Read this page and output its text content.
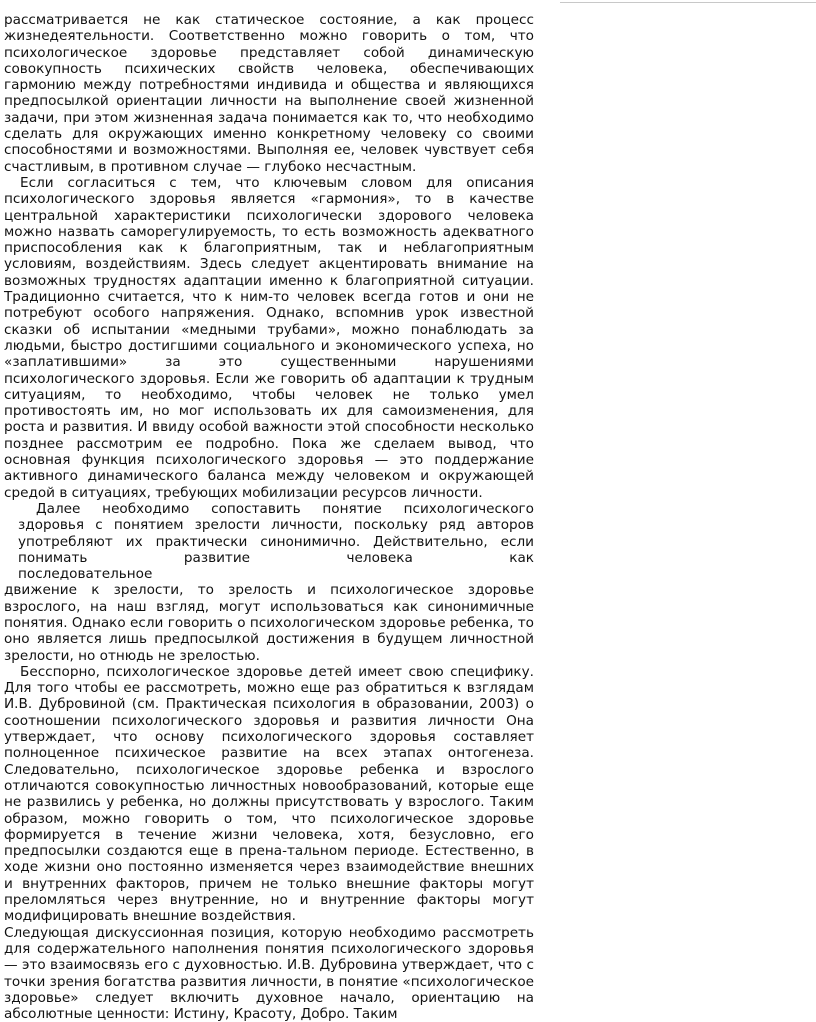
рассматривается не как статическое состояние, а как процесс жизнедеятельности. Соответственно можно говорить о том, что психологическое здоровье представляет собой динамическую совокупность психических свойств человека, обеспечивающих гармонию между потребностями индивида и общества и являющихся предпосылкой ориентации личности на выполнение своей жизненной задачи, при этом жизненная задача понимается как то, что необходимо сделать для окружающих именно конкретному человеку со своими способностями и возможностями. Выполняя ее, человек чувствует себя счастливым, в противном случае — глубоко несчастным.

Если согласиться с тем, что ключевым словом для описания психологического здоровья является «гармония», то в качестве центральной характеристики психологически здорового человека можно назвать саморегулируемость, то есть возможность адекватного приспособления как к благоприятным, так и неблагоприятным условиям, воздействиям. Здесь следует акцентировать внимание на возможных трудностях адаптации именно к благоприятной ситуации. Традиционно считается, что к ним-то человек всегда готов и они не потребуют особого напряжения. Однако, вспомнив урок известной сказки об испытании «медными трубами», можно понаблюдать за людьми, быстро достигшими социального и экономического успеха, но «заплатившими» за это существенными нарушениями психологического здоровья. Если же говорить об адаптации к трудным ситуациям, то необходимо, чтобы человек не только умел противостоять им, но мог использовать их для самоизменения, для роста и развития. И ввиду особой важности этой способности несколько позднее рассмотрим ее подробно. Пока же сделаем вывод, что основная функция психологического здоровья — это поддержание активного динамического баланса между человеком и окружающей средой в ситуациях, требующих мобилизации ресурсов личности.

Далее необходимо сопоставить понятие психологического здоровья с понятием зрелости личности, поскольку ряд авторов употребляют их практически синонимично. Действительно, если понимать развитие человека как

последовательное

движение к зрелости, то зрелость и психологическое здоровье взрослого, на наш взгляд, могут использоваться как синонимичные понятия. Однако если говорить о психологическом здоровье ребенка, то оно является лишь предпосылкой достижения в будущем личностной зрелости, но отнюдь не зрелостью.

Бесспорно, психологическое здоровье детей имеет свою специфику. Для того чтобы ее рассмотреть, можно еще раз обратиться к взглядам И.В. Дубровиной (см. Практическая психология в образовании, 2003) о соотношении психологического здоровья и развития личности Она утверждает, что основу психологического здоровья составляет полноценное психическое развитие на всех этапах онтогенеза. Следовательно, психологическое здоровье ребенка и взрослого отличаются совокупностью личностных новообразований, которые еще не развились у ребенка, но должны присутствовать у взрослого. Таким образом, можно говорить о том, что психологическое здоровье формируется в течение жизни человека, хотя, безусловно, его предпосылки создаются еще в прена-тальном периоде. Естественно, в ходе жизни оно постоянно изменяется через взаимодействие внешних и внутренних факторов, причем не только внешние факторы могут преломляться через внутренние, но и внутренние факторы могут модифицировать внешние воздействия.

Следующая дискуссионная позиция, которую необходимо рассмотреть для содержательного наполнения понятия психологического здоровья — это взаимосвязь его с духовностью. И.В. Дубровина утверждает, что с точки зрения богатства развития личности, в понятие «психологическое здоровье» следует включить духовное начало, ориентацию на абсолютные ценности: Истину, Красоту, Добро. Таким
